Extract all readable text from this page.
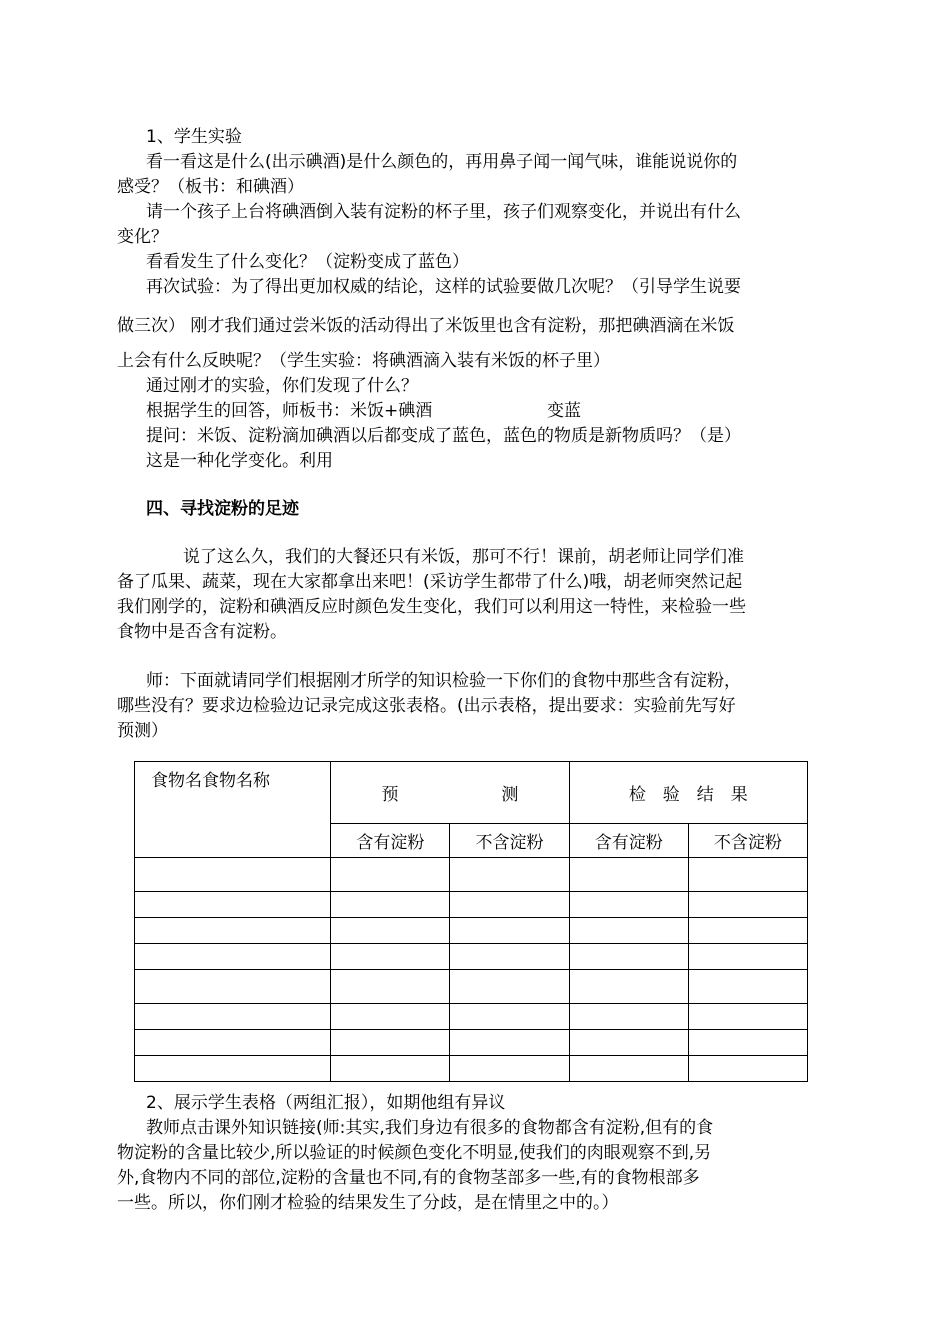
1、学生实验
看一看这是什么(出示碘酒)是什么颜色的，再用鼻子闻一闻气味，谁能说说你的
感受？（板书：和碘酒）
请一个孩子上台将碘酒倒入装有淀粉的杯子里，孩子们观察变化，并说出有什么
变化？
看看发生了什么变化？（淀粉变成了蓝色）
再次试验：为了得出更加权威的结论，这样的试验要做几次呢？（引导学生说要
做三次） 刚才我们通过尝米饭的活动得出了米饭里也含有淀粉，那把碘酒滴在米饭
上会有什么反映呢？（学生实验：将碘酒滴入装有米饭的杯子里）
通过刚才的实验，你们发现了什么？
根据学生的回答，师板书：米饭+碘酒	变蓝
提问：米饭、淀粉滴加碘酒以后都变成了蓝色，蓝色的物质是新物质吗？（是）
这是一种化学变化。利用
四、寻找淀粉的足迹
说了这么久，我们的大餐还只有米饭，那可不行！课前，胡老师让同学们准
备了瓜果、蔬菜，现在大家都拿出来吧！(采访学生都带了什么)哦，胡老师突然记起
我们刚学的，淀粉和碘酒反应时颜色发生变化，我们可以利用这一特性，来检验一些
食物中是否含有淀粉。
师：下面就请同学们根据刚才所学的知识检验一下你们的食物中那些含有淀粉，
哪些没有？要求边检验边记录完成这张表格。(出示表格，提出要求：实验前先写好
预测）
食物名食物名称	预 测		检　验　结　果	
	含有淀粉	不含淀粉	含有淀粉	不含淀粉

2、展示学生表格（两组汇报），如期他组有异议
教师点击课外知识链接(师:其实,我们身边有很多的食物都含有淀粉,但有的食
物淀粉的含量比较少,所以验证的时候颜色变化不明显,使我们的肉眼观察不到,另
外,食物内不同的部位,淀粉的含量也不同,有的食物茎部多一些,有的食物根部多
一些。所以，你们刚才检验的结果发生了分歧，是在情里之中的。）
